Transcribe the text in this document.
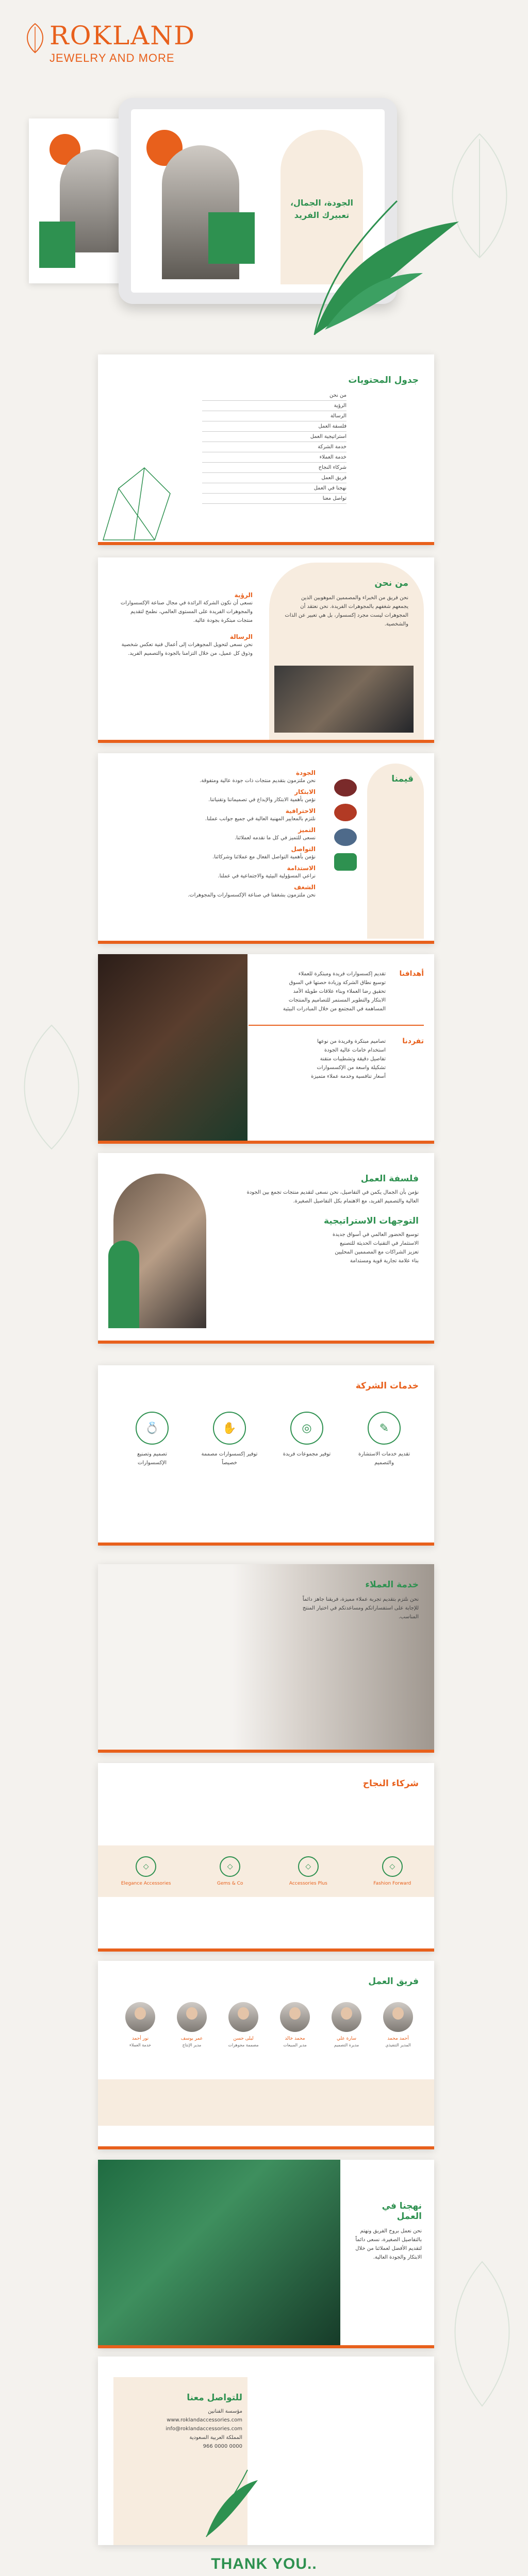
ROKLAND
JEWELRY AND MORE
الجودة، الجمال، تعبيرك الفريد
جدول المحتويات
من نحن
الرؤية
الرسالة
فلسفة العمل
استراتيجية العمل
خدمة الشركة
خدمة العملاء
شركاء النجاح
فريق العمل
نهجنا في العمل
تواصل معنا
من نحن
نحن فريق من الخبراء والمصممين الموهوبين الذين يجمعهم شغفهم بالمجوهرات الفريدة. نحن نعتقد أن المجوهرات ليست مجرد إكسسوار، بل هي تعبير عن الذات والشخصية.
الرؤية
نسعى أن نكون الشركة الرائدة في مجال صناعة الإكسسوارات والمجوهرات الفريدة على المستوى العالمي، نطمح لتقديم منتجات مبتكرة بجودة عالية.
الرسالة
نحن نسعى لتحويل المجوهرات إلى أعمال فنية تعكس شخصية وذوق كل عميل، من خلال التزامنا بالجودة والتصميم الفريد.
قيمنا
الجودة
نحن ملتزمون بتقديم منتجات ذات جودة عالية ومتفوقة.
الابتكار
نؤمن بأهمية الابتكار والإبداع في تصميماتنا وتقنياتنا.
الاحترافية
نلتزم بالمعايير المهنية العالية في جميع جوانب عملنا.
التميز
نسعى للتميز في كل ما نقدمه لعملائنا.
التواصل
نؤمن بأهمية التواصل الفعال مع عملائنا وشركائنا.
الاستدامة
نراعي المسؤولية البيئية والاجتماعية في عملنا.
الشغف
نحن ملتزمون بشغفنا في صناعة الإكسسوارات والمجوهرات.
أهدافنا
تقديم إكسسوارات فريدة ومبتكرة للعملاء
توسيع نطاق الشركة وزيادة حصتها في السوق
تحقيق رضا العملاء وبناء علاقات طويلة الأمد
الابتكار والتطوير المستمر للتصاميم والمنتجات
المساهمة في المجتمع من خلال المبادرات البيئية
تفردنا
تصاميم مبتكرة وفريدة من نوعها
استخدام خامات عالية الجودة
تفاصيل دقيقة وتشطيبات متقنة
تشكيلة واسعة من الإكسسوارات
أسعار تنافسية وخدمة عملاء متميزة
فلسفة العمل
نؤمن بأن الجمال يكمن في التفاصيل، نحن نسعى لتقديم منتجات تجمع بين الجودة العالية والتصميم الفريد، مع الاهتمام بكل التفاصيل الصغيرة.
التوجهات الاستراتيجية
توسيع الحضور العالمي في أسواق جديدة
الاستثمار في التقنيات الحديثة للتصنيع
تعزيز الشراكات مع المصممين المحليين
بناء علامة تجارية قوية ومستدامة
خدمات الشركة
💍
تصميم وتصنيع الإكسسوارات
✋
توفير إكسسوارات مصممة خصيصاً
◎
توفير مجموعات فريدة
✎
تقديم خدمات الاستشارة والتصميم
خدمة العملاء
نحن نلتزم بتقديم تجربة عملاء مميزة، فريقنا جاهز دائماً للإجابة على استفساراتكم ومساعدتكم في اختيار المنتج المناسب.
شركاء النجاح
◇
Elegance Accessories
◇
Gems & Co
◇
Accessories Plus
◇
Fashion Forward
فريق العمل
أحمد محمد
المدير التنفيذي
سارة علي
مديرة التصميم
محمد خالد
مدير المبيعات
ليلى حسن
مصممة مجوهرات
عمر يوسف
مدير الإنتاج
نور أحمد
خدمة العملاء
نهجنا في العمل
نحن نعمل بروح الفريق ونهتم بالتفاصيل الصغيرة، نسعى دائماً لتقديم الأفضل لعملائنا من خلال الابتكار والجودة العالية.
للتواصل معنا
مؤسسة الفنانين
www.roklandaccessories.com
info@roklandaccessories.com
المملكة العربية السعودية
966 0000 0000
THANK YOU..
